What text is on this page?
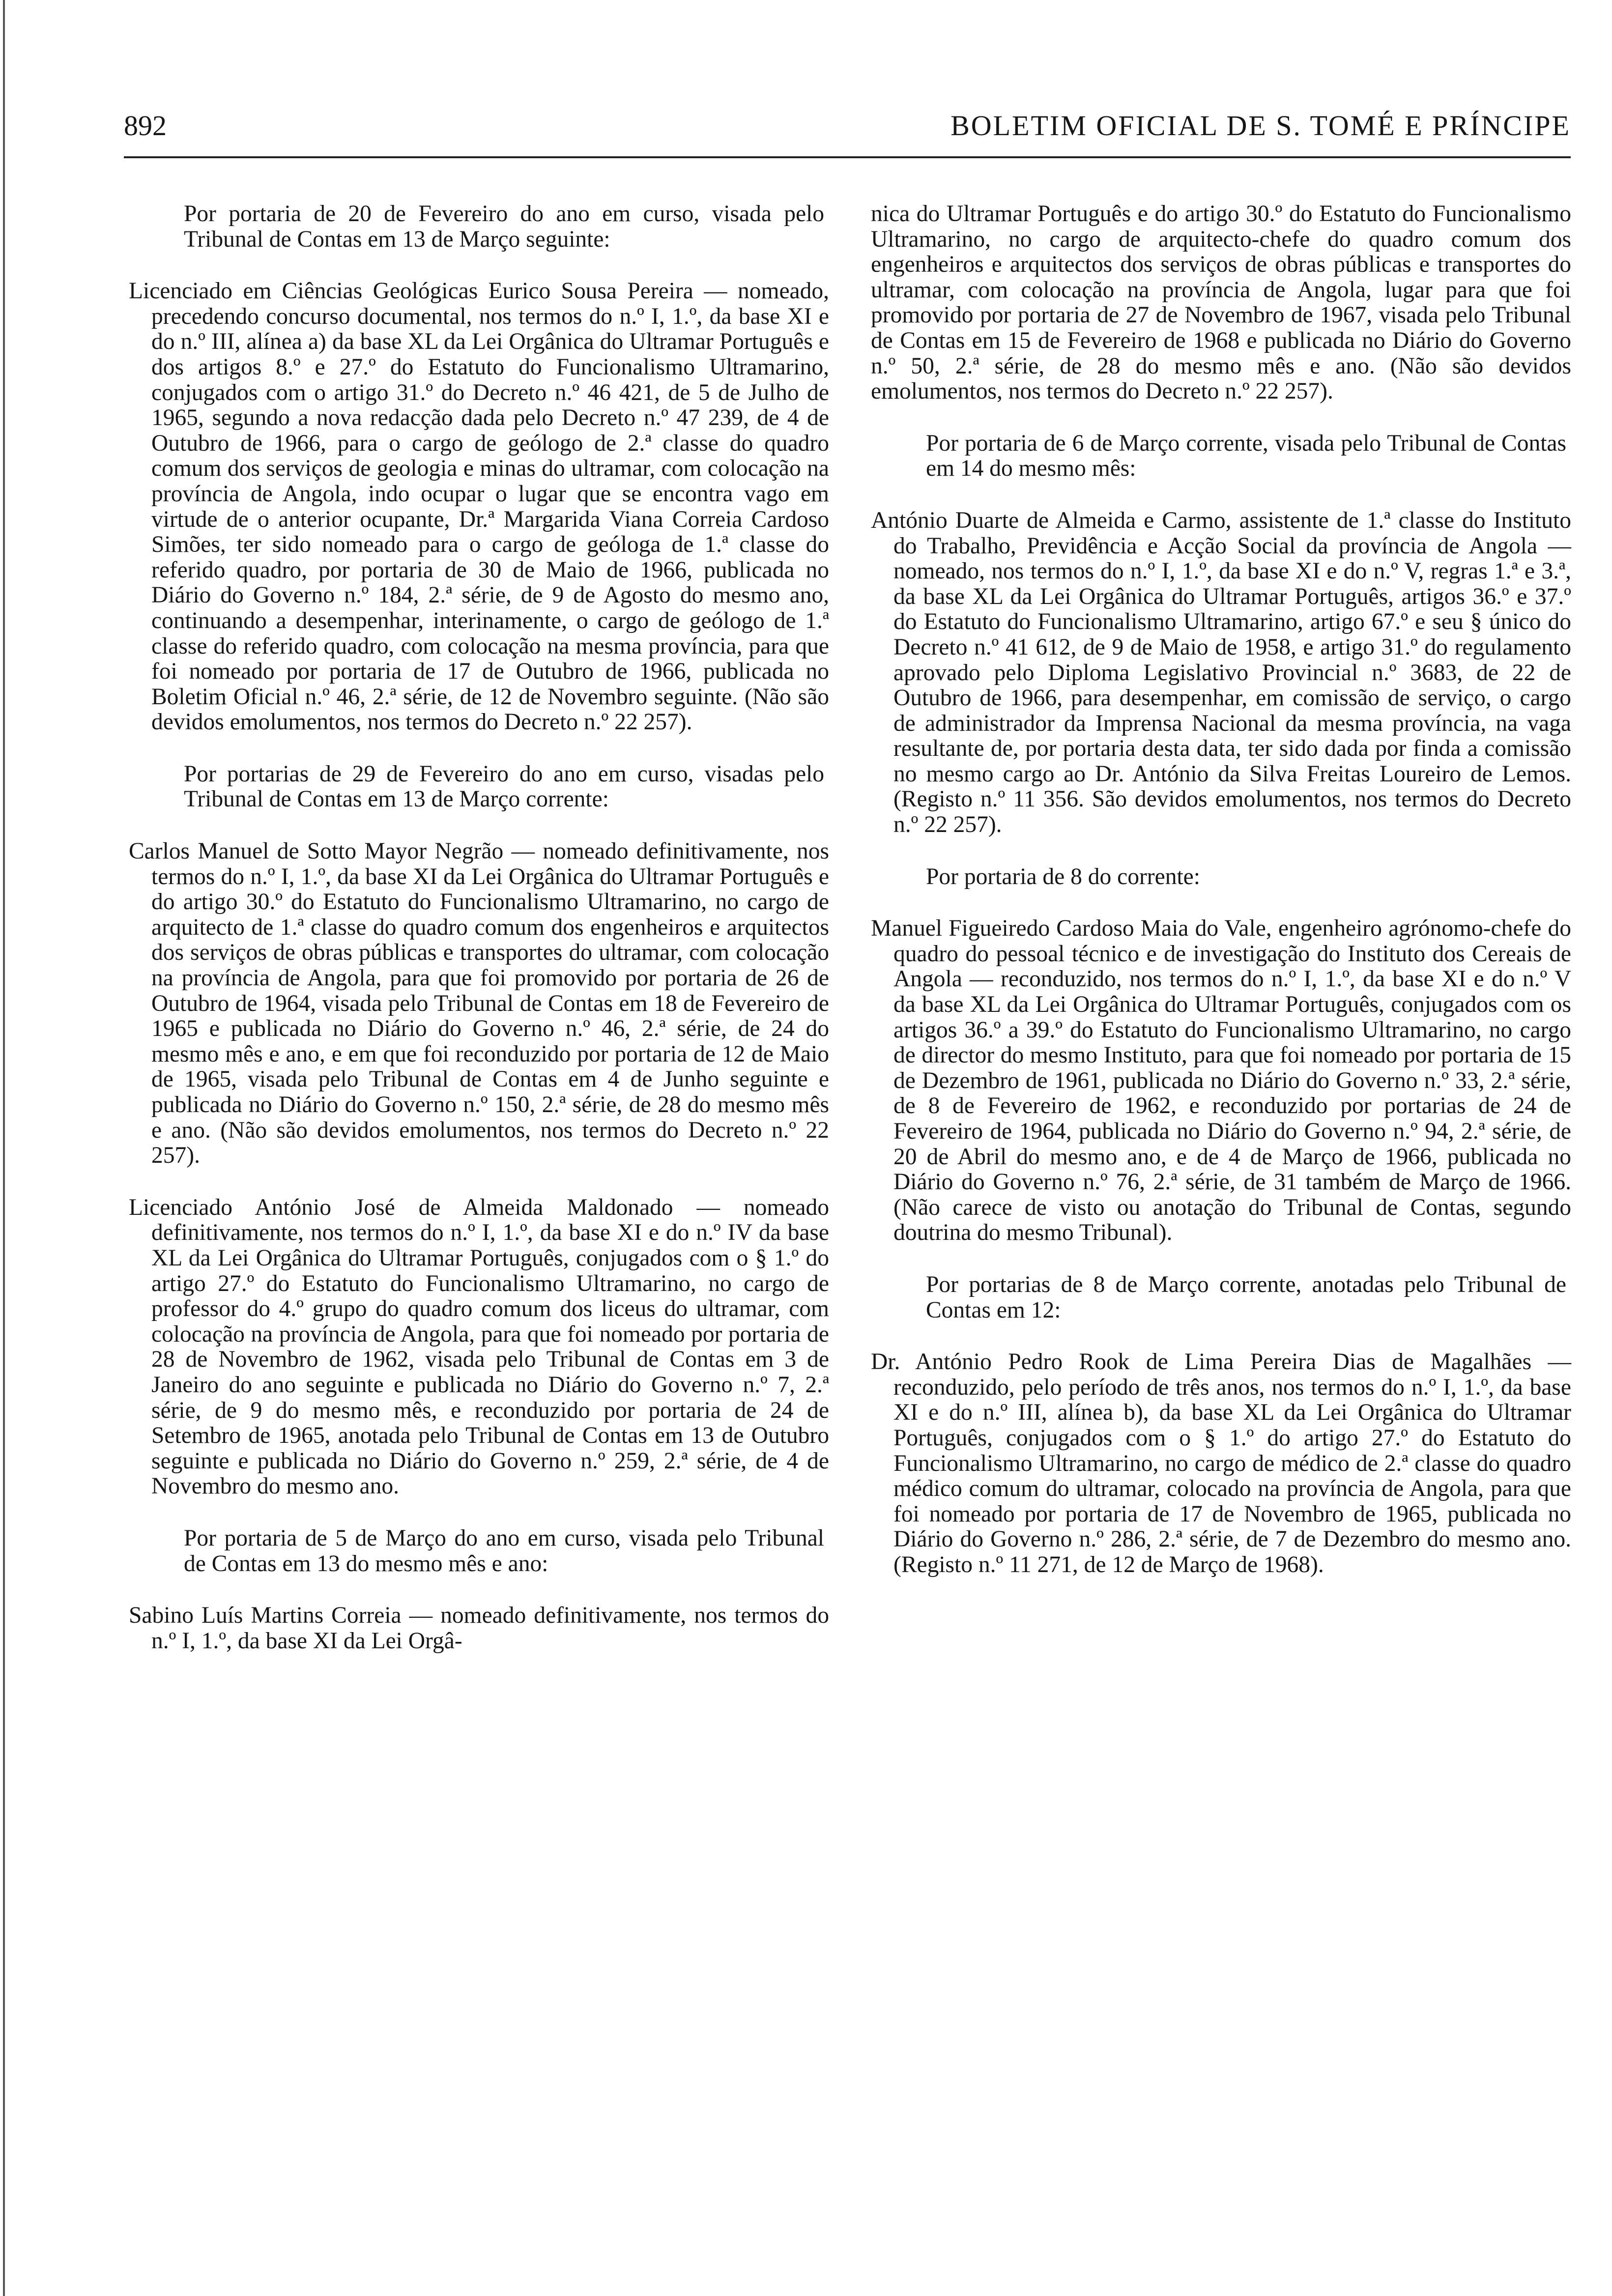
892	BOLETIM OFICIAL DE S. TOMÉ E PRÍNCIPE

Por portaria de 20 de Fevereiro do ano em curso, visada pelo Tribunal de Contas em 13 de Março seguinte:

Licenciado em Ciências Geológicas Eurico Sousa Pereira — nomeado, precedendo concurso documental, nos termos do n.º I, 1.º, da base XI e do n.º III, alínea a) da base XL da Lei Orgânica do Ultramar Português e dos artigos 8.º e 27.º do Estatuto do Funcionalismo Ultramarino, conjugados com o artigo 31.º do Decreto n.º 46 421, de 5 de Julho de 1965, segundo a nova redacção dada pelo Decreto n.º 47 239, de 4 de Outubro de 1966, para o cargo de geólogo de 2.ª classe do quadro comum dos serviços de geologia e minas do ultramar, com colocação na província de Angola, indo ocupar o lugar que se encontra vago em virtude de o anterior ocupante, Dr.ª Margarida Viana Correia Cardoso Simões, ter sido nomeado para o cargo de geóloga de 1.ª classe do referido quadro, por portaria de 30 de Maio de 1966, publicada no Diário do Governo n.º 184, 2.ª série, de 9 de Agosto do mesmo ano, continuando a desempenhar, interinamente, o cargo de geólogo de 1.ª classe do referido quadro, com colocação na mesma província, para que foi nomeado por portaria de 17 de Outubro de 1966, publicada no Boletim Oficial n.º 46, 2.ª série, de 12 de Novembro seguinte. (Não são devidos emolumentos, nos termos do Decreto n.º 22 257).

Por portarias de 29 de Fevereiro do ano em curso, visadas pelo Tribunal de Contas em 13 de Março corrente:

Carlos Manuel de Sotto Mayor Negrão — nomeado definitivamente, nos termos do n.º I, 1.º, da base XI da Lei Orgânica do Ultramar Português e do artigo 30.º do Estatuto do Funcionalismo Ultramarino, no cargo de arquitecto de 1.ª classe do quadro comum dos engenheiros e arquitectos dos serviços de obras públicas e transportes do ultramar, com colocação na província de Angola, para que foi promovido por portaria de 26 de Outubro de 1964, visada pelo Tribunal de Contas em 18 de Fevereiro de 1965 e publicada no Diário do Governo n.º 46, 2.ª série, de 24 do mesmo mês e ano, e em que foi reconduzido por portaria de 12 de Maio de 1965, visada pelo Tribunal de Contas em 4 de Junho seguinte e publicada no Diário do Governo n.º 150, 2.ª série, de 28 do mesmo mês e ano. (Não são devidos emolumentos, nos termos do Decreto n.º 22 257).

Licenciado António José de Almeida Maldonado — nomeado definitivamente, nos termos do n.º I, 1.º, da base XI e do n.º IV da base XL da Lei Orgânica do Ultramar Português, conjugados com o § 1.º do artigo 27.º do Estatuto do Funcionalismo Ultramarino, no cargo de professor do 4.º grupo do quadro comum dos liceus do ultramar, com colocação na província de Angola, para que foi nomeado por portaria de 28 de Novembro de 1962, visada pelo Tribunal de Contas em 3 de Janeiro do ano seguinte e publicada no Diário do Governo n.º 7, 2.ª série, de 9 do mesmo mês, e reconduzido por portaria de 24 de Setembro de 1965, anotada pelo Tribunal de Contas em 13 de Outubro seguinte e publicada no Diário do Governo n.º 259, 2.ª série, de 4 de Novembro do mesmo ano.

Por portaria de 5 de Março do ano em curso, visada pelo Tribunal de Contas em 13 do mesmo mês e ano:

Sabino Luís Martins Correia — nomeado definitivamente, nos termos do n.º I, 1.º, da base XI da Lei Orgâ-

nica do Ultramar Português e do artigo 30.º do Estatuto do Funcionalismo Ultramarino, no cargo de arquitecto-chefe do quadro comum dos engenheiros e arquitectos dos serviços de obras públicas e transportes do ultramar, com colocação na província de Angola, lugar para que foi promovido por portaria de 27 de Novembro de 1967, visada pelo Tribunal de Contas em 15 de Fevereiro de 1968 e publicada no Diário do Governo n.º 50, 2.ª série, de 28 do mesmo mês e ano. (Não são devidos emolumentos, nos termos do Decreto n.º 22 257).

Por portaria de 6 de Março corrente, visada pelo Tribunal de Contas em 14 do mesmo mês:

António Duarte de Almeida e Carmo, assistente de 1.ª classe do Instituto do Trabalho, Previdência e Acção Social da província de Angola — nomeado, nos termos do n.º I, 1.º, da base XI e do n.º V, regras 1.ª e 3.ª, da base XL da Lei Orgânica do Ultramar Português, artigos 36.º e 37.º do Estatuto do Funcionalismo Ultramarino, artigo 67.º e seu § único do Decreto n.º 41 612, de 9 de Maio de 1958, e artigo 31.º do regulamento aprovado pelo Diploma Legislativo Provincial n.º 3683, de 22 de Outubro de 1966, para desempenhar, em comissão de serviço, o cargo de administrador da Imprensa Nacional da mesma província, na vaga resultante de, por portaria desta data, ter sido dada por finda a comissão no mesmo cargo ao Dr. António da Silva Freitas Loureiro de Lemos. (Registo n.º 11 356. São devidos emolumentos, nos termos do Decreto n.º 22 257).

Por portaria de 8 do corrente:

Manuel Figueiredo Cardoso Maia do Vale, engenheiro agrónomo-chefe do quadro do pessoal técnico e de investigação do Instituto dos Cereais de Angola — reconduzido, nos termos do n.º I, 1.º, da base XI e do n.º V da base XL da Lei Orgânica do Ultramar Português, conjugados com os artigos 36.º a 39.º do Estatuto do Funcionalismo Ultramarino, no cargo de director do mesmo Instituto, para que foi nomeado por portaria de 15 de Dezembro de 1961, publicada no Diário do Governo n.º 33, 2.ª série, de 8 de Fevereiro de 1962, e reconduzido por portarias de 24 de Fevereiro de 1964, publicada no Diário do Governo n.º 94, 2.ª série, de 20 de Abril do mesmo ano, e de 4 de Março de 1966, publicada no Diário do Governo n.º 76, 2.ª série, de 31 também de Março de 1966. (Não carece de visto ou anotação do Tribunal de Contas, segundo doutrina do mesmo Tribunal).

Por portarias de 8 de Março corrente, anotadas pelo Tribunal de Contas em 12:

Dr. António Pedro Rook de Lima Pereira Dias de Magalhães — reconduzido, pelo período de três anos, nos termos do n.º I, 1.º, da base XI e do n.º III, alínea b), da base XL da Lei Orgânica do Ultramar Português, conjugados com o § 1.º do artigo 27.º do Estatuto do Funcionalismo Ultramarino, no cargo de médico de 2.ª classe do quadro médico comum do ultramar, colocado na província de Angola, para que foi nomeado por portaria de 17 de Novembro de 1965, publicada no Diário do Governo n.º 286, 2.ª série, de 7 de Dezembro do mesmo ano. (Registo n.º 11 271, de 12 de Março de 1968).
